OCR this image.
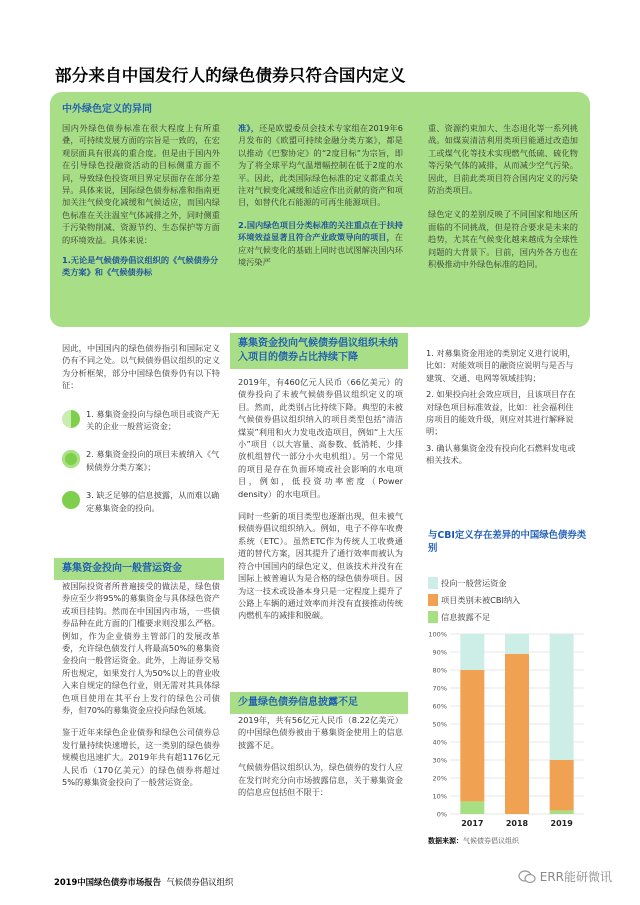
部分来自中国发行人的绿色债券只符合国内定义
中外绿色定义的异同

国内外绿色债券标准在很大程度上有所重叠，可持续发展方面的宗旨是一致的，在宏观层面具有很高的重合度。但是由于国内外在引导绿色投融资活动的目标侧重方面不同，导致绿色投资项目界定层面存在部分差异。具体来说，国际绿色债券标准和指南更加关注气候变化减缓和气候适应，而国内绿色标准在关注温室气体减排之外，同时侧重于污染物削减、资源节约、生态保护等方面的环境效益。具体来说：

1.无论是气候债券倡议组织的《气候债券分类方案》和《气候债券标

准》，还是欧盟委员会技术专家组在2019年6月发布的《欧盟可持续金融分类方案》，都是以推动《巴黎协定》的“2度目标”为宗旨，即为了将全球平均气温增幅控制在低于2度的水平。因此，此类国际绿色标准的定义都重点关注对气候变化减缓和适应作出贡献的资产和项目，如替代化石能源的可再生能源项目。

2.国内绿色项目分类标准的关注重点在于扶持环境效益显著且符合产业政策导向的项目，在应对气候变化的基础上同时也试图解决国内环境污染严

重、资源约束加大、生态退化等一系列挑战。如煤炭清洁利用类项目能通过改造加工或煤气化等技术实现燃气低硫、硫化物等污染气体的减排，从而减少空气污染。因此，目前此类项目符合国内定义的污染防治类项目。

绿色定义的差别反映了不同国家和地区所面临的不同挑战，但是符合要求是未来的趋势，尤其在气候变化越来越成为全球性问题的大背景下。目前，国内外各方也在积极推动中外绿色标准的趋同。

因此，中国国内的绿色债券指引和国际定义仍有不同之处。以气候债券倡议组织的定义为分析框架，部分中国绿色债券仍有以下特征：

1. 募集资金投向与绿色项目或资产无关的企业一般营运资金；
2. 募集资金投向的项目未被纳入《气候债券分类方案》；
3. 缺乏足够的信息披露，从而难以确定募集资金的投向。
募集资金投向一般营运资金

被国际投资者所普遍接受的做法是，绿色债券应至少将95%的募集资金与具体绿色资产或项目挂钩。然而在中国国内市场，一些债券品种在此方面的门槛要求则没那么严格。例如，作为企业债券主管部门的发展改革委，允许绿色债发行人将最高50%的募集资金投向一般营运资金。此外，上海证券交易所也规定，如果发行人为50%以上的营业收入来自规定的绿色行业，则无需对其具体绿色项目使用在其平台上发行的绿色公司债券，但70%的募集资金应投向绿色领域。

鉴于近年来绿色企业债券和绿色公司债券总发行量持续快速增长，这一类别的绿色债券规模也迅速扩大。2019年共有超1176亿元人民币（170亿美元）的绿色债券将超过5%的募集资金投向了一般营运资金。

募集资金投向气候债券倡议组织未纳入项目的债券占比持续下降

2019年，有460亿元人民币（66亿美元）的债券投向了未被气候债券倡议组织定义的项目。然而，此类别占比持续下降。典型的未被气候债券倡议组织纳入的项目类型包括“清洁煤炭”利用和火力发电改造项目，例如“上大压小”项目（以大容量、高参数、低消耗、少排放机组替代一部分小火电机组）。另一个常见的项目是存在负面环境或社会影响的水电项目，例如，低投资功率密度（Power density）的水电项目。

同时一些新的项目类型也逐渐出现，但未被气候债券倡议组织纳入。例如，电子不停车收费系统（ETC）。虽然ETC作为传统人工收费通道的替代方案，因其提升了通行效率而被认为符合中国国内的绿色定义，但该技术并没有在国际上被普遍认为是合格的绿色债券项目。因为这一技术或设备本身只是一定程度上提升了公路上车辆的通过效率而并没有直接推动传统内燃机车的减排和脱碳。

少量绿色债券信息披露不足

2019年，共有56亿元人民币（8.22亿美元）的中国绿色债券被由于募集资金使用上的信息披露不足。

气候债券倡议组织认为，绿色债券的发行人应在发行时充分向市场披露信息，关于募集资金的信息应包括但不限于：

1. 对募集资金用途的类别定义进行说明，比如：对能效项目的融资应说明与是否与建筑、交通、电网等领域挂钩；

2. 如果投向社会效应项目，且该项目存在对绿色项目标准效益，比如：社会福利住房项目的能效升级，则应对其进行解释说明；

3. 确认募集资金没有投向化石燃料发电或相关技术。

与CBI定义存在差异的中国绿色债券类别
投向一般营运资金
项目类别未被CBI纳入
信息披露不足
0%
10%
20%
30%
40%
50%
60%
70%
80%
90%
100%
2017	2018	2019
数据来源：气候债券倡议组织
2019中国绿色债券市场报告 气候债券倡议组织	ERR能研微讯
